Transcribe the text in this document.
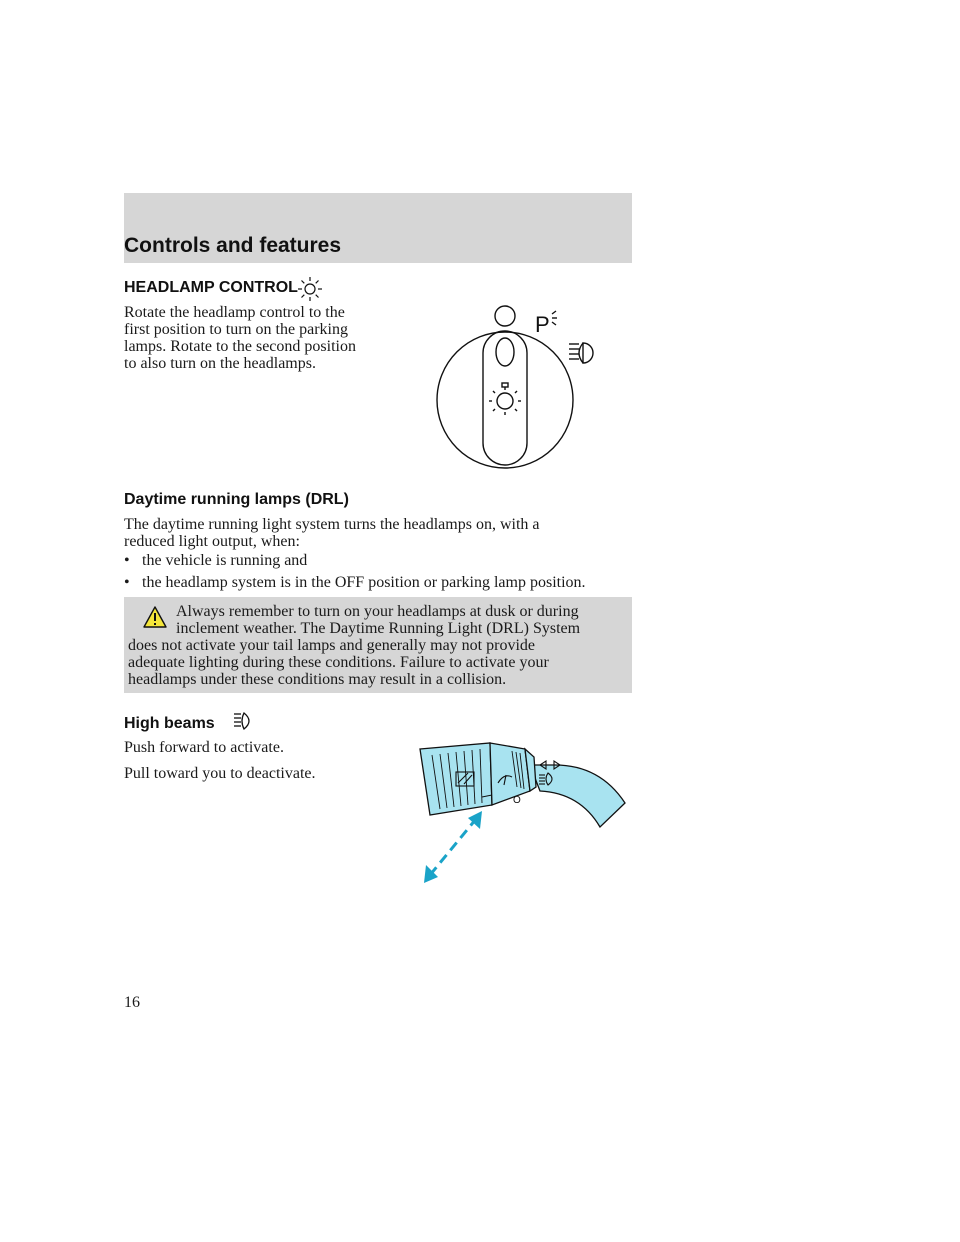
Controls and features
HEADLAMP CONTROL
Rotate the headlamp control to the
first position to turn on the parking
lamps. Rotate to the second position
to also turn on the headlamps.
P
Daytime running lamps (DRL)
The daytime running light system turns the headlamps on, with a
reduced light output, when:
• the vehicle is running and
• the headlamp system is in the OFF position or parking lamp position.
Always remember to turn on your headlamps at dusk or during
inclement weather. The Daytime Running Light (DRL) System
does not activate your tail lamps and generally may not provide
adequate lighting during these conditions. Failure to activate your
headlamps under these conditions may result in a collision.
High beams
Push forward to activate.
Pull toward you to deactivate.
O
16
